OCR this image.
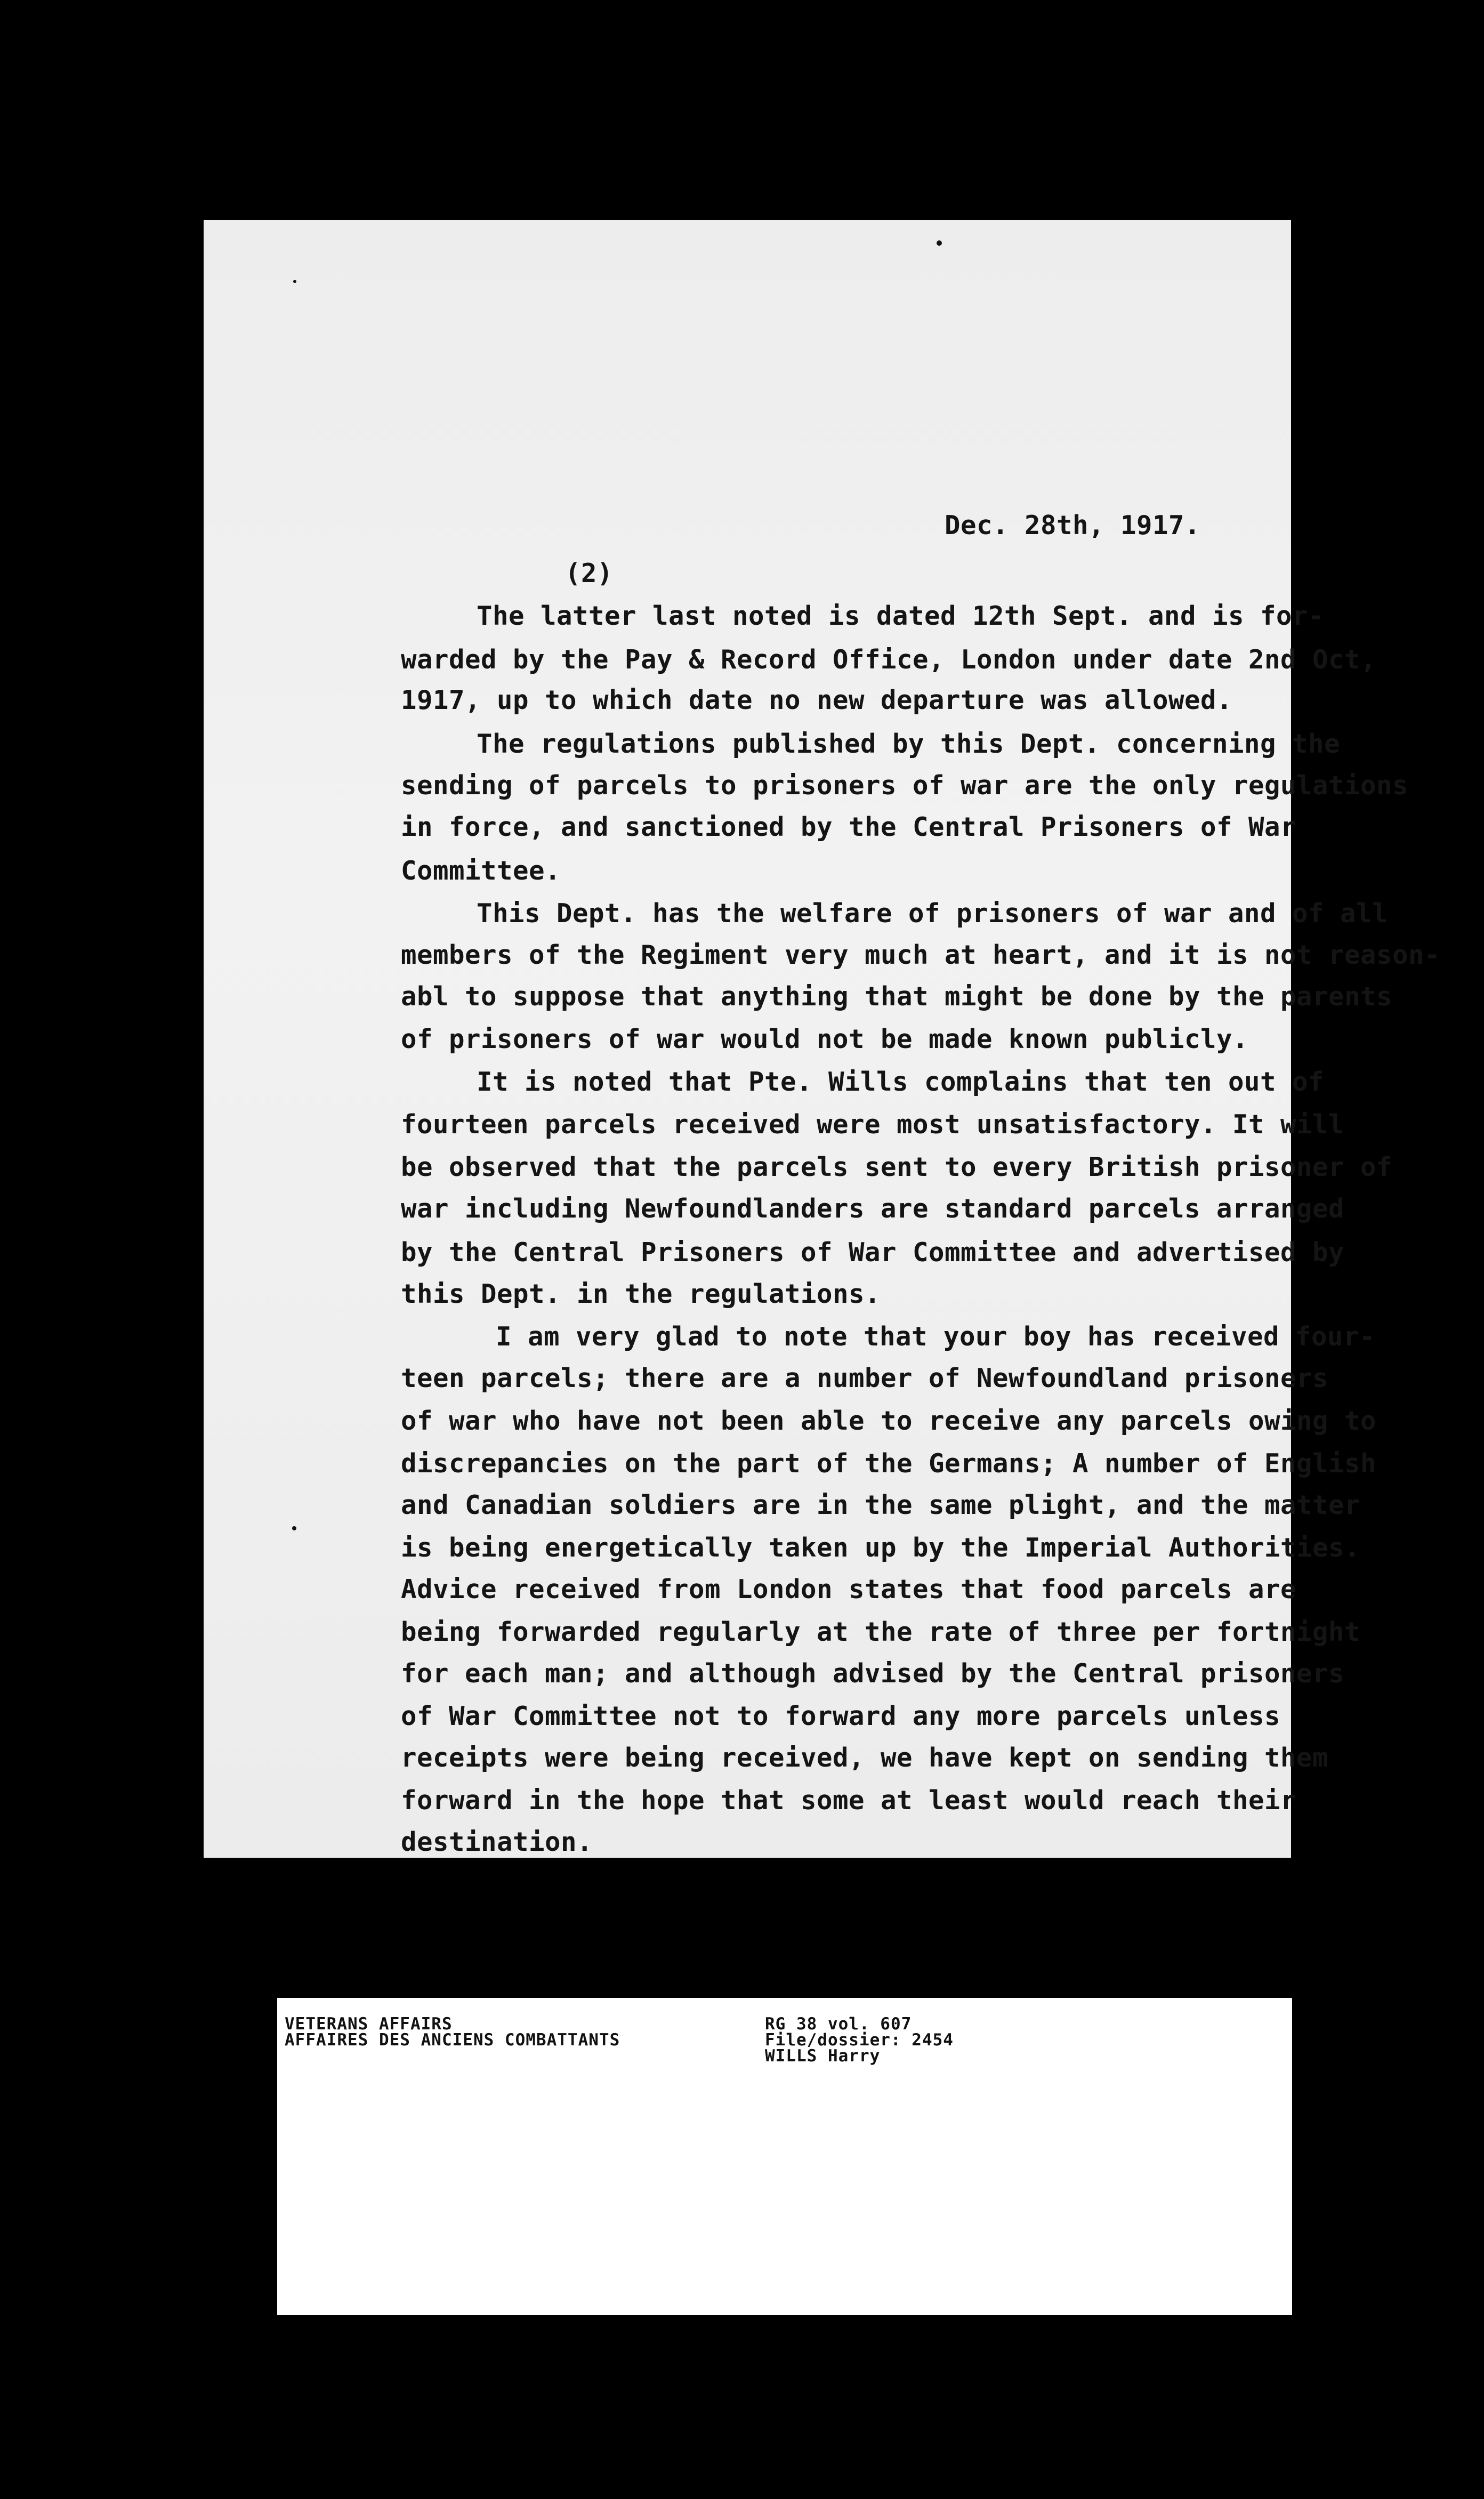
Dec. 28th, 1917.
(2)
The latter last noted is dated 12th Sept. and is for-
warded by the Pay & Record Office, London under date 2nd Oct,
1917, up to which date no new departure was allowed.
The regulations published by this Dept. concerning the
sending of parcels to prisoners of war are the only regulations
in force, and sanctioned by the Central Prisoners of War
Committee.
This Dept. has the welfare of prisoners of war and of all
members of the Regiment very much at heart, and it is not reason-
abl to suppose that anything that might be done by the parents
of prisoners of war would not be made known publicly.
It is noted that Pte. Wills complains that ten out of
fourteen parcels received were most unsatisfactory. It will
be observed that the parcels sent to every British prisoner of
war including Newfoundlanders are standard parcels arranged
by the Central Prisoners of War Committee and advertised by
this Dept. in the regulations.
I am very glad to note that your boy has received four-
teen parcels; there are a number of Newfoundland prisoners
of war who have not been able to receive any parcels owing to
discrepancies on the part of the Germans; A number of English
and Canadian soldiers are in the same plight, and the matter
is being energetically taken up by the Imperial Authorities.
Advice received from London states that food parcels are
being forwarded regularly at the rate of three per fortnight
for each man; and although advised by the Central prisoners
of War Committee not to forward any more parcels unless
receipts were being received, we have kept on sending them
forward in the hope that some at least would reach their
destination.
VETERANS AFFAIRS
AFFAIRES DES ANCIENS COMBATTANTS
RG 38 vol. 607
File/dossier: 2454
WILLS Harry
